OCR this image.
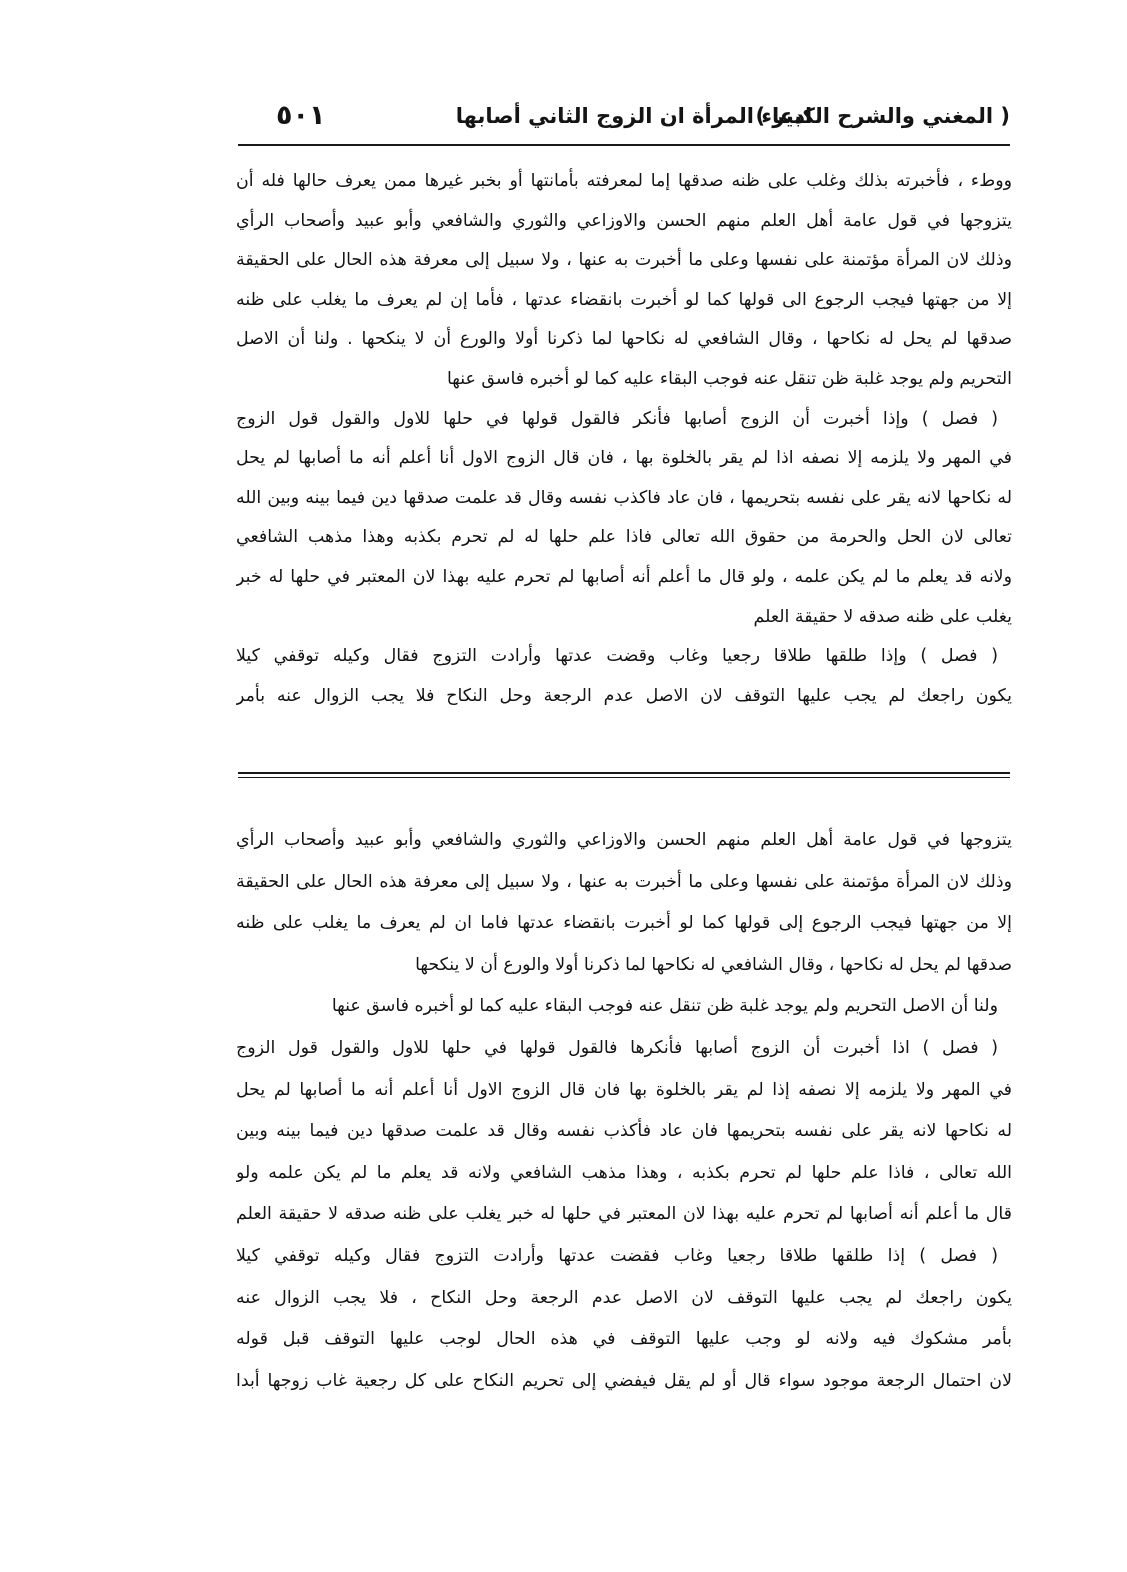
٥٠١	ادعاء المرأة ان الزوج الثاني أصابها
( المغني والشرح الكبير )
ووطء ، فأخبرته بذلك وغلب على ظنه صدقها إما لمعرفته بأمانتها أو بخبر غيرها ممن يعرف حالها فله أن
يتزوجها في قول عامة أهل العلم منهم الحسن والاوزاعي والثوري والشافعي وأبو عبيد وأصحاب الرأي
وذلك لان المرأة مؤتمنة على نفسها وعلى ما أخبرت به عنها ، ولا سبيل إلى معرفة هذه الحال على الحقيقة
إلا من جهتها فيجب الرجوع الى قولها كما لو أخبرت بانقضاء عدتها ، فأما إن لم يعرف ما يغلب على ظنه
صدقها لم يحل له نكاحها ، وقال الشافعي له نكاحها لما ذكرنا أولا والورع أن لا ينكحها . ولنا أن الاصل
التحريم ولم يوجد غلبة ظن تنقل عنه فوجب البقاء عليه كما لو أخبره فاسق عنها
( فصل ) وإذا أخبرت أن الزوج أصابها فأنكر فالقول قولها في حلها للاول والقول قول الزوج
في المهر ولا يلزمه إلا نصفه اذا لم يقر بالخلوة بها ، فان قال الزوج الاول أنا أعلم أنه ما أصابها لم يحل
له نكاحها لانه يقر على نفسه بتحريمها ، فان عاد فاكذب نفسه وقال قد علمت صدقها دين فيما بينه وبين الله
تعالى لان الحل والحرمة من حقوق الله تعالى فاذا علم حلها له لم تحرم بكذبه وهذا مذهب الشافعي
ولانه قد يعلم ما لم يكن علمه ، ولو قال ما أعلم أنه أصابها لم تحرم عليه بهذا لان المعتبر في حلها له خبر
يغلب على ظنه صدقه لا حقيقة العلم
( فصل ) وإذا طلقها طلاقا رجعيا وغاب وقضت عدتها وأرادت التزوج فقال وكيله توقفي كيلا
يكون راجعك لم يجب عليها التوقف لان الاصل عدم الرجعة وحل النكاح فلا يجب الزوال عنه بأمر
يتزوجها في قول عامة أهل العلم منهم الحسن والاوزاعي والثوري والشافعي وأبو عبيد وأصحاب الرأي
وذلك لان المرأة مؤتمنة على نفسها وعلى ما أخبرت به عنها ، ولا سبيل إلى معرفة هذه الحال على الحقيقة
إلا من جهتها فيجب الرجوع إلى قولها كما لو أخبرت بانقضاء عدتها فاما ان لم يعرف ما يغلب على ظنه
صدقها لم يحل له نكاحها ، وقال الشافعي له نكاحها لما ذكرنا أولا والورع أن لا ينكحها
ولنا أن الاصل التحريم ولم يوجد غلبة ظن تنقل عنه فوجب البقاء عليه كما لو أخبره فاسق عنها
( فصل ) اذا أخبرت أن الزوج أصابها فأنكرها فالقول قولها في حلها للاول والقول قول الزوج
في المهر ولا يلزمه إلا نصفه إذا لم يقر بالخلوة بها فان قال الزوج الاول أنا أعلم أنه ما أصابها لم يحل
له نكاحها لانه يقر على نفسه بتحريمها فان عاد فأكذب نفسه وقال قد علمت صدقها دين فيما بينه وبين
الله تعالى ، فاذا علم حلها لم تحرم بكذبه ، وهذا مذهب الشافعي ولانه قد يعلم ما لم يكن علمه ولو
قال ما أعلم أنه أصابها لم تحرم عليه بهذا لان المعتبر في حلها له خبر يغلب على ظنه صدقه لا حقيقة العلم
( فصل ) إذا طلقها طلاقا رجعيا وغاب فقضت عدتها وأرادت التزوج فقال وكيله توقفي كيلا
يكون راجعك لم يجب عليها التوقف لان الاصل عدم الرجعة وحل النكاح ، فلا يجب الزوال عنه
بأمر مشكوك فيه ولانه لو وجب عليها التوقف في هذه الحال لوجب عليها التوقف قبل قوله
لان احتمال الرجعة موجود سواء قال أو لم يقل فيفضي إلى تحريم النكاح على كل رجعية غاب زوجها أبدا
